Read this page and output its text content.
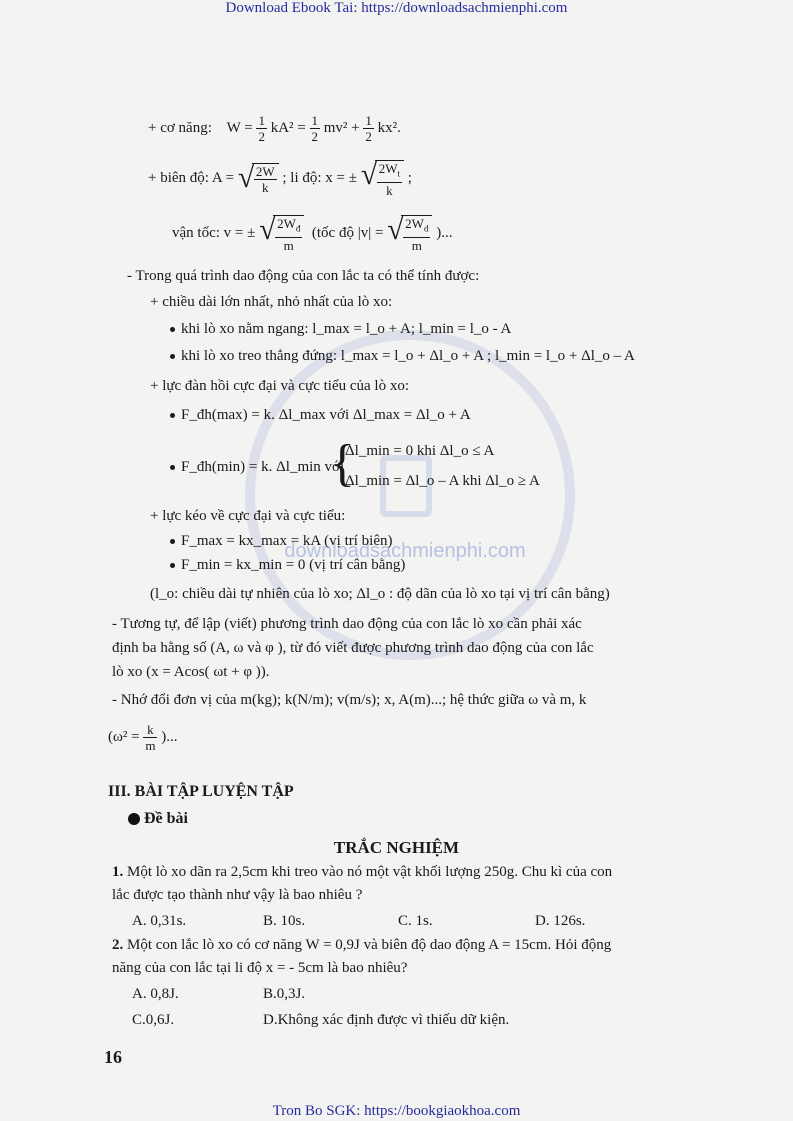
downloadsachmienphi.com
Download Ebook Tai: https://downloadsachmienphi.com
Tron Bo SGK: https://bookgiaokhoa.com
+ cơ năng: $W = \frac{1}{2} kA^2 = \frac{1}{2} mv^2 + \frac{1}{2} kx^2$.
+ biên độ: A = √ $\frac{2W}{k}$ ; li độ: x = ± √ $\frac{2W_t}{k}$ ;
vận tốc: v = ± √ $\frac{2W_đ}{m}$ (tốc độ |v| = √ $\frac{2W_d}{m}$ )...
- Trong quá trình dao động của con lắc ta có thể tính được:
+ chiều dài lớn nhất, nhỏ nhất của lò xo:
khi lò xo nằm ngang: l_max = l_o + A; l_min = l_o - A
khi lò xo treo thẳng đứng: l_max = l_o + Δl_o + A ; l_min = l_o + Δl_o – A
+ lực đàn hồi cực đại và cực tiểu của lò xo:
F_đh(max) = k. Δl_max với Δl_max = Δl_o + A
F_đh(min) = k. Δl_min với
{
Δl_min = 0 khi Δl_o ≤ A
Δl_min = Δl_o – A khi Δl_o ≥ A
+ lực kéo về cực đại và cực tiểu:
F_max = kx_max = kA (vị trí biên)
F_min = kx_min = 0 (vị trí cân bằng)
(l_o: chiều dài tự nhiên của lò xo; Δl_o : độ dãn của lò xo tại vị trí cân bằng)
- Tương tự, để lập (viết) phương trình dao động của con lắc lò xo cần phải xác
định ba hằng số (A, ω và φ ), từ đó viết được phương trình dao động của con lắc
lò xo (x = Acos( ωt + φ )).
- Nhớ đổi đơn vị của m(kg); k(N/m); v(m/s); x, A(m)...; hệ thức giữa ω và m, k
($\omega^2 = \frac{k}{m}$ )...
III. BÀI TẬP LUYỆN TẬP
Đề bài
TRẮC NGHIỆM
1. Một lò xo dãn ra 2,5cm khi treo vào nó một vật khối lượng 250g. Chu kì của con
lắc được tạo thành như vậy là bao nhiêu ?
A. 0,31s.	B. 10s.	C. 1s.	D. 126s.
2. Một con lắc lò xo có cơ năng W = 0,9J và biên độ dao động A = 15cm. Hỏi động
năng của con lắc tại li độ x = - 5cm là bao nhiêu?
A. 0,8J.	B.0,3J.
C.0,6J.	D.Không xác định được vì thiếu dữ kiện.
16
